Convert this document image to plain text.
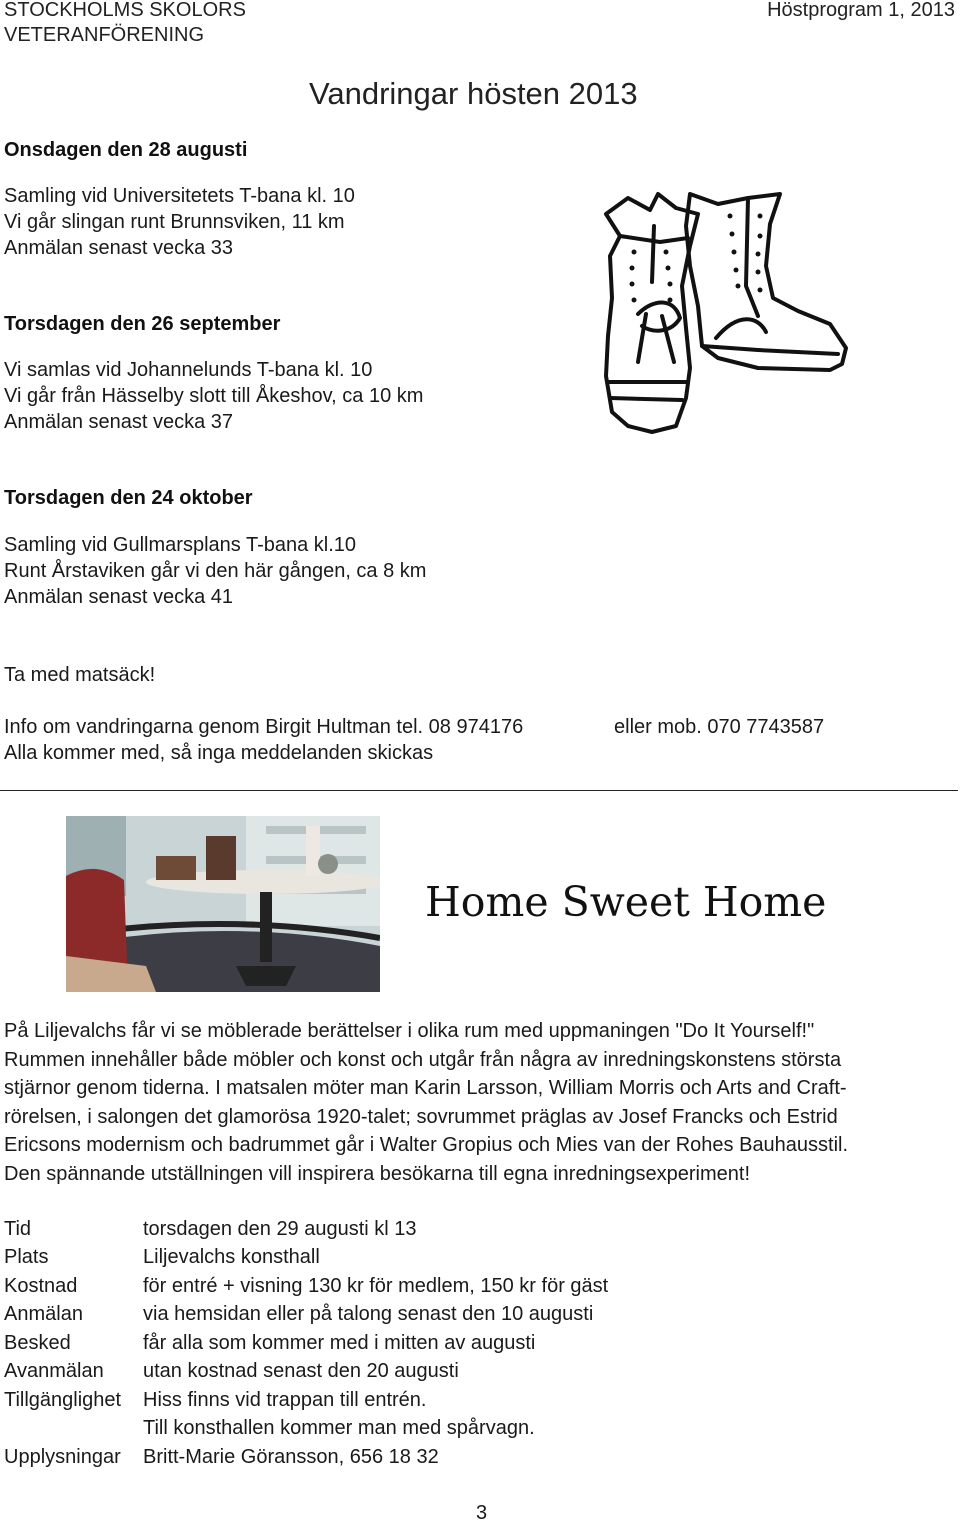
STOCKHOLMS SKOLORS
VETERANFÖRENING
Höstprogram 1, 2013
Vandringar hösten 2013
Onsdagen den 28 augusti
Samling vid Universitetets T-bana kl. 10
Vi går slingan runt Brunnsviken, 11 km
Anmälan senast vecka 33
Torsdagen den 26 september
Vi samlas vid Johannelunds T-bana kl. 10
Vi går från Hässelby slott till Åkeshov, ca 10 km
Anmälan senast vecka 37
Torsdagen den 24 oktober
Samling vid Gullmarsplans T-bana kl.10
Runt Årstaviken går vi den här gången, ca 8 km
Anmälan senast vecka 41
Ta med matsäck!
Info om vandringarna genom Birgit Hultman tel. 08 974176	eller mob. 070 7743587
Alla kommer med, så inga meddelanden skickas
Home Sweet Home
På Liljevalchs får vi se möblerade berättelser i olika rum med uppmaningen "Do It Yourself!"
Rummen innehåller både möbler och konst och utgår från några av inredningskonstens största
stjärnor genom tiderna. I matsalen möter man Karin Larsson, William Morris och Arts and Craft-
rörelsen, i salongen det glamorösa 1920-talet; sovrummet präglas av Josef Francks och Estrid
Ericsons modernism och badrummet går i Walter Gropius och Mies van der Rohes Bauhausstil.
Den spännande utställningen vill inspirera besökarna till egna inredningsexperiment!
Tid	torsdagen den 29 augusti kl 13
Plats	Liljevalchs konsthall
Kostnad	för entré + visning 130 kr för medlem, 150 kr för gäst
Anmälan	via hemsidan eller på talong senast den 10 augusti
Besked	får alla som kommer med i mitten av augusti
Avanmälan utan kostnad senast den 20 augusti
Tillgänglighet Hiss finns vid trappan till entrén.
Till konsthallen kommer man med spårvagn.
Upplysningar Britt-Marie Göransson, 656 18 32
3
